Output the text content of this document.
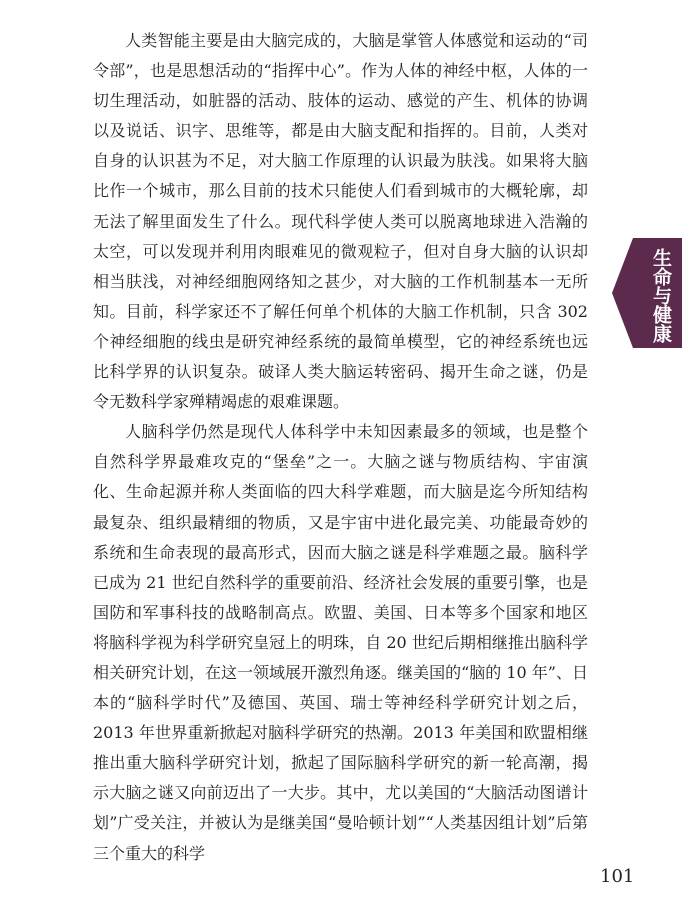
人类智能主要是由大脑完成的，大脑是掌管人体感觉和运动的“司令部”，也是思想活动的“指挥中心”。作为人体的神经中枢，人体的一切生理活动，如脏器的活动、肢体的运动、感觉的产生、机体的协调以及说话、识字、思维等，都是由大脑支配和指挥的。目前，人类对自身的认识甚为不足，对大脑工作原理的认识最为肤浅。如果将大脑比作一个城市，那么目前的技术只能使人们看到城市的大概轮廓，却无法了解里面发生了什么。现代科学使人类可以脱离地球进入浩瀚的太空，可以发现并利用肉眼难见的微观粒子，但对自身大脑的认识却相当肤浅，对神经细胞网络知之甚少，对大脑的工作机制基本一无所知。目前，科学家还不了解任何单个机体的大脑工作机制，只含 302 个神经细胞的线虫是研究神经系统的最简单模型，它的神经系统也远比科学界的认识复杂。破译人类大脑运转密码、揭开生命之谜，仍是令无数科学家殚精竭虑的艰难课题。

人脑科学仍然是现代人体科学中未知因素最多的领域，也是整个自然科学界最难攻克的“堡垒”之一。大脑之谜与物质结构、宇宙演化、生命起源并称人类面临的四大科学难题，而大脑是迄今所知结构最复杂、组织最精细的物质，又是宇宙中进化最完美、功能最奇妙的系统和生命表现的最高形式，因而大脑之谜是科学难题之最。脑科学已成为 21 世纪自然科学的重要前沿、经济社会发展的重要引擎，也是国防和军事科技的战略制高点。欧盟、美国、日本等多个国家和地区将脑科学视为科学研究皇冠上的明珠，自 20 世纪后期相继推出脑科学相关研究计划，在这一领域展开激烈角逐。继美国的“脑的 10 年”、日本的“脑科学时代”及德国、英国、瑞士等神经科学研究计划之后，2013 年世界重新掀起对脑科学研究的热潮。2013 年美国和欧盟相继推出重大脑科学研究计划，掀起了国际脑科学研究的新一轮高潮，揭示大脑之谜又向前迈出了一大步。其中，尤以美国的“大脑活动图谱计划”广受关注，并被认为是继美国“曼哈顿计划”“人类基因组计划”后第三个重大的科学

生命与健康
101
